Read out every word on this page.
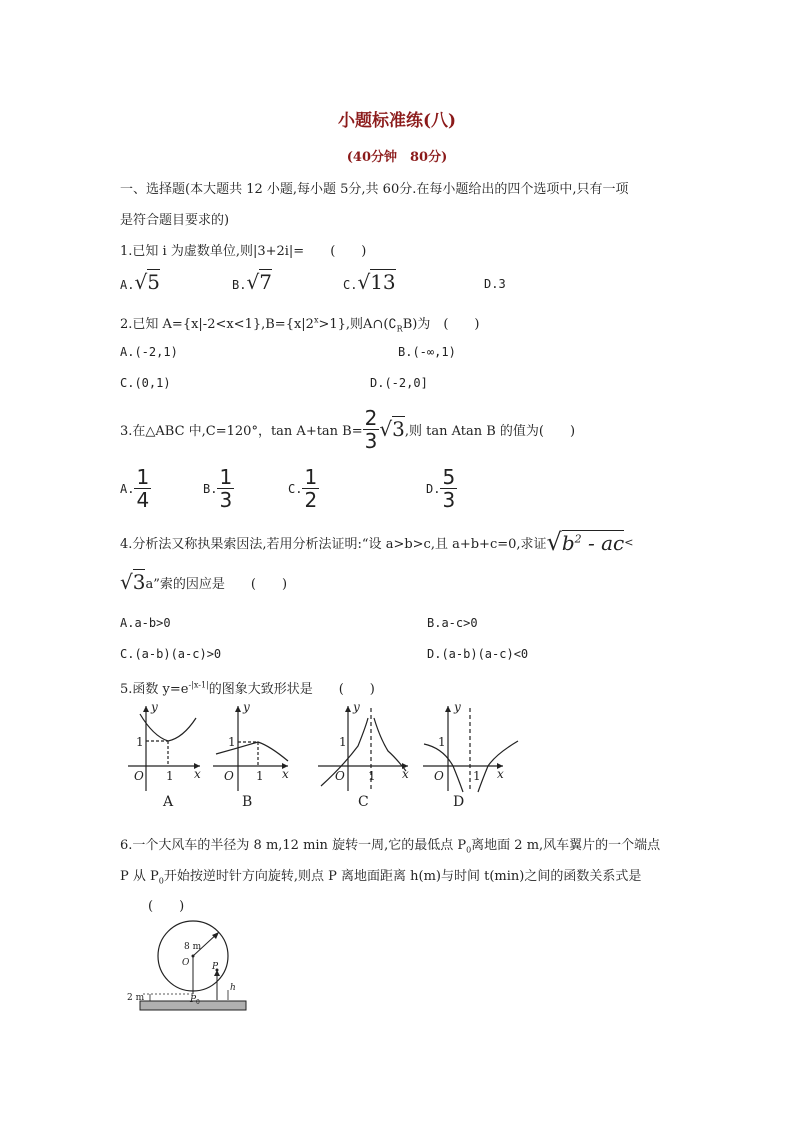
小题标准练(八)
(40分钟　80分)
一、选择题(本大题共 12 小题,每小题 5分,共 60分.在每小题给出的四个选项中,只有一项
是符合题目要求的)
1.已知 i 为虚数单位,则|3+2i|=　　(　　)
A.√5	B.√7	C.√13	D.3
2.已知 $A=\{x|-2<x<1\},B=\{x|2^x>1\}$,则$A\cap(∁_RB)$为　(　　)
A.(-2,1)	B.(-∞,1)
C.(0,1)	D.(-2,0]
3.在△ABC 中,C=120°，tan A+tan $B= \frac{2}{3} √3$ ,则 tan Atan B 的值为(　　)
A. $\frac{1}{4}$	B. $\frac{1}{3}$	C. $\frac{1}{2}$	D. $\frac{5}{3}$
4.分析法又称执果索因法,若用分析法证明:“设 a>b>c,且 a+b+c=0,求证 $√b^2$ - ac <
√3 a”索的因应是　　(　　)
A.a-b>0	B.a-c>0
C.(a-b)(a-c)>0	D.(a-b)(a-c)<0
5.函数 $y=e^{-|x-1|}$的图象大致形状是　　(　　)
y
x
O
1
1
A
y
x
O
1
1
B
y
x
O
1
1
C
y
x
O
1
1
D
6.一个大风车的半径为 8 m,12 min 旋转一周,它的最低点 $P_0$离地面 2 m,风车翼片的一个端点
P 从 $P_0$开始按逆时针方向旋转,则点 P 离地面距离 h(m)与时间 t(min)之间的函数关系式是
(　　)
8 m
O	P
h
2 m	P 0
